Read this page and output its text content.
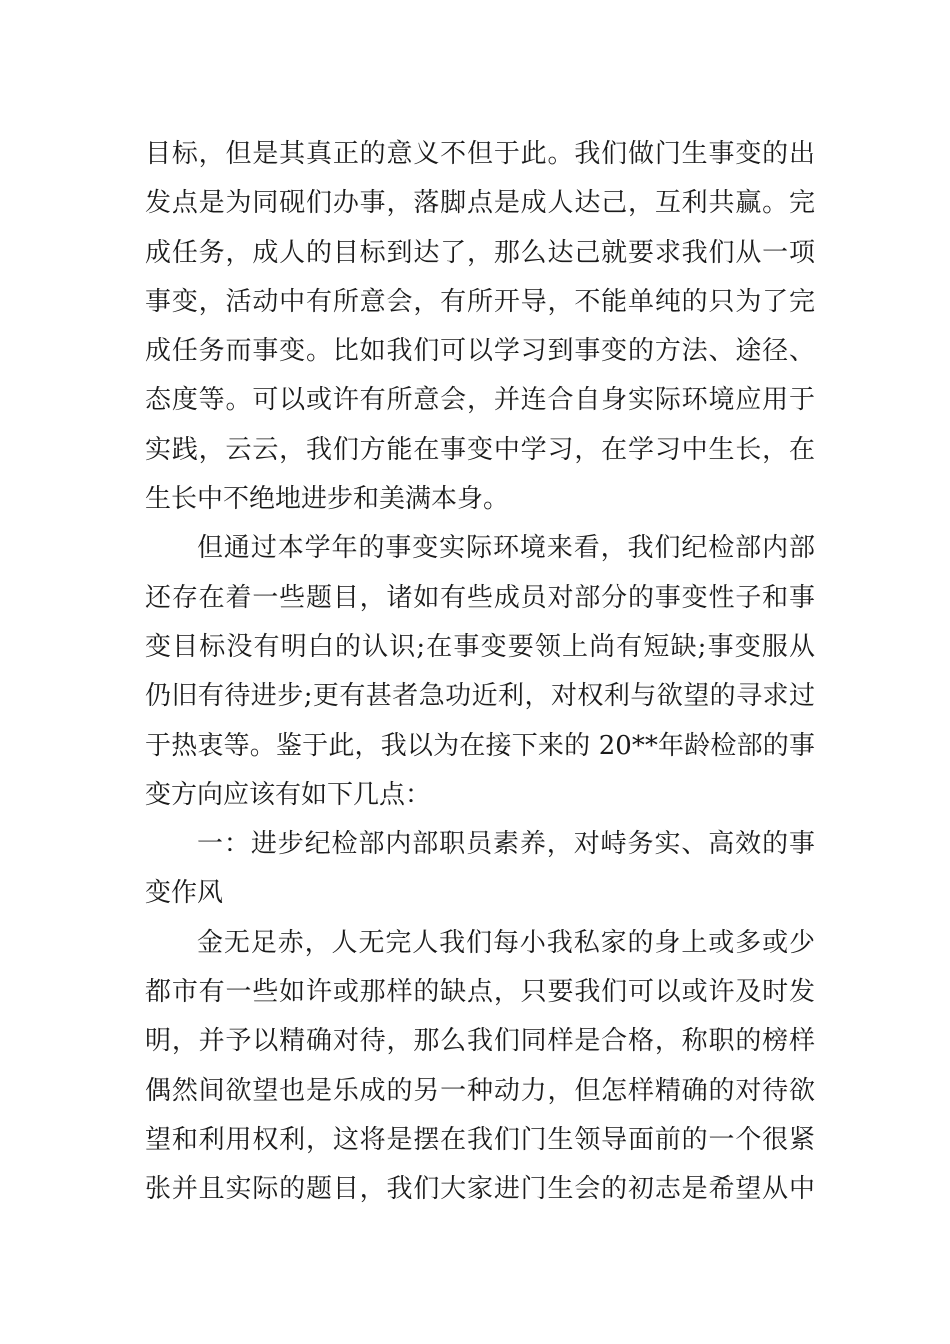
目标，但是其真正的意义不但于此。我们做门生事变的出
发点是为同砚们办事，落脚点是成人达己，互利共赢。完
成任务，成人的目标到达了，那么达己就要求我们从一项
事变，活动中有所意会，有所开导，不能单纯的只为了完
成任务而事变。比如我们可以学习到事变的方法、途径、
态度等。可以或许有所意会，并连合自身实际环境应用于
实践，云云，我们方能在事变中学习，在学习中生长，在
生长中不绝地进步和美满本身。
但通过本学年的事变实际环境来看，我们纪检部内部
还存在着一些题目，诸如有些成员对部分的事变性子和事
变目标没有明白的认识;在事变要领上尚有短缺;事变服从
仍旧有待进步;更有甚者急功近利，对权利与欲望的寻求过
于热衷等。鉴于此，我以为在接下来的 20**年龄检部的事
变方向应该有如下几点：
一：进步纪检部内部职员素养，对峙务实、高效的事
变作风
金无足赤，人无完人我们每小我私家的身上或多或少
都市有一些如许或那样的缺点，只要我们可以或许及时发
明，并予以精确对待，那么我们同样是合格，称职的榜样
偶然间欲望也是乐成的另一种动力，但怎样精确的对待欲
望和利用权利，这将是摆在我们门生领导面前的一个很紧
张并且实际的题目，我们大家进门生会的初志是希望从中
